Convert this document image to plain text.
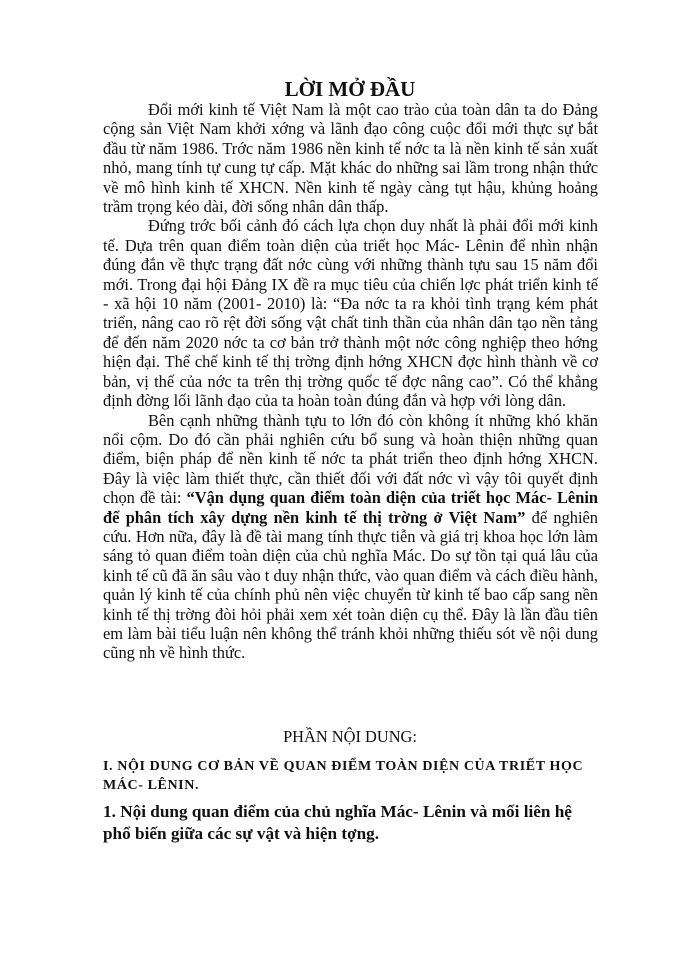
LỜI MỞ ĐẦU

Đổi mới kinh tế Việt Nam là một cao trào của toàn dân ta do Đảng cộng sản Việt Nam khởi xớng và lãnh đạo công cuộc đổi mới thực sự bắt đầu từ năm 1986. Trớc năm 1986 nền kinh tế nớc ta là nền kinh tế sản xuất nhỏ, mang tính tự cung tự cấp. Mặt khác do những sai lầm trong nhận thức về mô hình kinh tế XHCN. Nền kinh tế ngày càng tụt hậu, khủng hoảng trầm trọng kéo dài, đời sống nhân dân thấp.

Đứng trớc bối cảnh đó cách lựa chọn duy nhất là phải đổi mới kinh tế. Dựa trên quan điểm toàn diện của triết học Mác- Lênin để nhìn nhận đúng đắn về thực trạng đất nớc cùng với những thành tựu sau 15 năm đổi mới. Trong đại hội Đảng IX đề ra mục tiêu của chiến lợc phát triển kinh tế - xã hội 10 năm (2001- 2010) là: “Đa nớc ta ra khỏi tình trạng kém phát triển, nâng cao rõ rệt đời sống vật chất tinh thần của nhân dân tạo nền tảng để đến năm 2020 nớc ta cơ bản trở thành một nớc công nghiệp theo hớng hiện đại. Thể chế kinh tế thị trờng định hớng XHCN đợc hình thành về cơ bản, vị thế của nớc ta trên thị trờng quốc tế đợc nâng cao”. Có thể khẳng định đờng lối lãnh đạo của ta hoàn toàn đúng đắn và hợp với lòng dân.

Bên cạnh những thành tựu to lớn đó còn không ít những khó khăn nổi cộm. Do đó cần phải nghiên cứu bổ sung và hoàn thiện những quan điểm, biện pháp để nền kinh tế nớc ta phát triển theo định hớng XHCN. Đây là việc làm thiết thực, cần thiết đối với đất nớc vì vậy tôi quyết định chọn đề tài: “Vận dụng quan điểm toàn diện của triết học Mác- Lênin để phân tích xây dựng nền kinh tế thị trờng ở Việt Nam” để nghiên cứu. Hơn nữa, đây là đề tài mang tính thực tiễn và giá trị khoa học lớn làm sáng tỏ quan điểm toàn diện của chủ nghĩa Mác. Do sự tồn tại quá lâu của kinh tế cũ đã ăn sâu vào t duy nhận thức, vào quan điểm và cách điều hành, quản lý kinh tế của chính phủ nên việc chuyển từ kinh tế bao cấp sang nền kinh tế thị trờng đòi hỏi phải xem xét toàn diện cụ thể. Đây là lần đầu tiên em làm bài tiểu luận nên không thể tránh khỏi những thiếu sót về nội dung cũng nh về hình thức.

PHẦN NỘI DUNG:
I. NỘI DUNG CƠ BẢN VỀ QUAN ĐIỂM TOÀN DIỆN CỦA TRIẾT HỌC MÁC- LÊNIN.
1. Nội dung quan điểm của chủ nghĩa Mác- Lênin và mối liên hệ phổ biến giữa các sự vật và hiện tợng.
